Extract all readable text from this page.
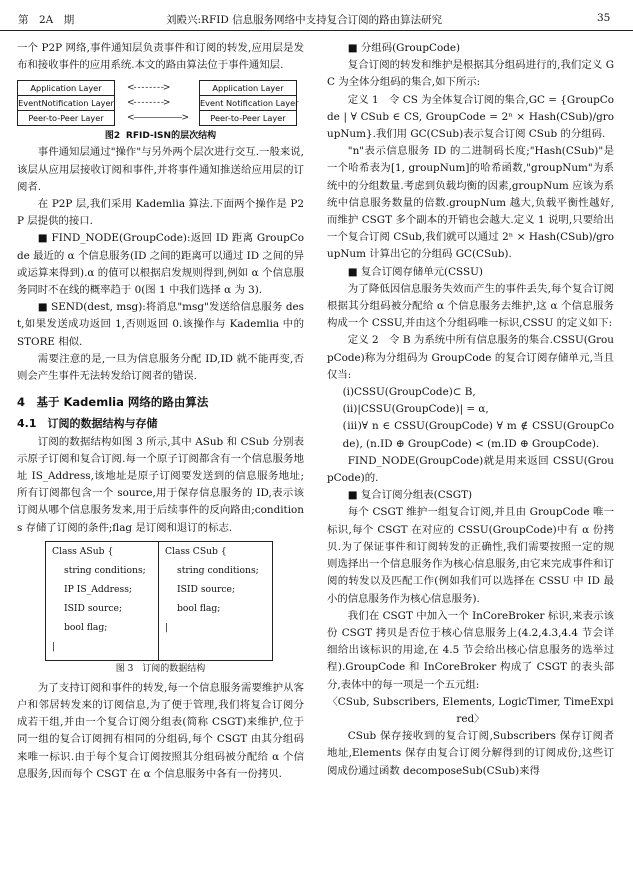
第　2A　期	刘殿兴:RFID 信息服务网络中支持复合订阅的路由算法研究	35

一个 P2P 网络,事件通知层负责事件和订阅的转发,应用层是发布和接收事件的应用系统.本文的路由算法位于事件通知层.

Application Layer
EventNotification Layer
Peer-to-Peer Layer
<- - - - - - - ->
<- - - - - - - ->
<——————>
Application Layer
Event Notification Layer
Peer-to-Peer Layer
图2 RFID-ISN的层次结构

事件通知层通过"操作"与另外两个层次进行交互.一般来说,该层从应用层接收订阅和事件,并将事件通知推送给应用层的订阅者.

在 P2P 层,我们采用 Kademlia 算法.下面两个操作是 P2P 层提供的接口.

■ FIND_NODE(GroupCode):返回 ID 距离 GroupCode 最近的 α 个信息服务(ID 之间的距离可以通过 ID 之间的异或运算来得到).α 的值可以根据启发规则得到,例如 α 个信息服务同时不在线的概率趋于 0(图 1 中我们选择 α 为 3).

■ SEND(dest, msg):将消息"msg"发送给信息服务 dest,如果发送成功返回 1,否则返回 0.该操作与 Kademlia 中的 STORE 相似.

需要注意的是,一旦为信息服务分配 ID,ID 就不能再变,否则会产生事件无法转发给订阅者的错误.

4　基于 Kademlia 网络的路由算法
4.1　订阅的数据结构与存储

订阅的数据结构如图 3 所示,其中 ASub 和 CSub 分别表示原子订阅和复合订阅.每一个原子订阅都含有一个信息服务地址 IS_Address,该地址是原子订阅要发送到的信息服务地址;所有订阅都包含一个 source,用于保存信息服务的 ID,表示该订阅从哪个信息服务发来,用于后续事件的反向路由;conditions 存储了订阅的条件;flag 是订阅和退订的标志.

Class ASub {
string conditions;
IP IS_Address;
ISID source;
bool flag;
|
Class CSub {
string conditions;
ISID source;
bool flag;
|
图 3　订阅的数据结构

为了支持订阅和事件的转发,每一个信息服务需要维护从客户和邻居转发来的订阅信息,为了便于管理,我们将复合订阅分成若干组,并由一个复合订阅分组表(简称 CSGT)来维护,位于同一组的复合订阅拥有相同的分组码,每个 CSGT 由其分组码来唯一标识.由于每个复合订阅按照其分组码被分配给 α 个信息服务,因而每个 CSGT 在 α 个信息服务中各有一份拷贝.

■ 分组码(GroupCode)

复合订阅的转发和维护是根据其分组码进行的,我们定义 GC 为全体分组码的集合,如下所示:

定义 1　令 CS 为全体复合订阅的集合,GC = {GroupCode | ∀ CSub ∈ CS, GroupCode = 2ⁿ × Hash(CSub)/groupNum}.我们用 GC(CSub)表示复合订阅 CSub 的分组码.

"n"表示信息服务 ID 的二进制码长度;"Hash(CSub)"是一个哈希表为[1, groupNum]的哈希函数,"groupNum"为系统中的分组数量.考虑到负载均衡的因素,groupNum 应该为系统中信息服务数量的倍数.groupNum 越大,负载平衡性越好,而维护 CSGT 多个副本的开销也会越大.定义 1 说明,只要给出一个复合订阅 CSub,我们就可以通过 2ⁿ × Hash(CSub)/groupNum 计算出它的分组码 GC(CSub).

■ 复合订阅存储单元(CSSU)

为了降低因信息服务失效而产生的事件丢失,每个复合订阅根据其分组码被分配给 α 个信息服务去维护,这 α 个信息服务构成一个 CSSU,并由这个分组码唯一标识,CSSU 的定义如下:

定义 2　令 B 为系统中所有信息服务的集合.CSSU(GroupCode)称为分组码为 GroupCode 的复合订阅存储单元,当且仅当:

(ⅰ)CSSU(GroupCode)⊂ B,

(ⅱ)|CSSU(GroupCode)| = α,

(ⅲ)∀ n ∈ CSSU(GroupCode) ∀ m ∉ CSSU(GroupCode), (n.ID ⊕ GroupCode) < (m.ID ⊕ GroupCode).

FIND_NODE(GroupCode)就是用来返回 CSSU(GroupCode)的.

■ 复合订阅分组表(CSGT)

每个 CSGT 维护一组复合订阅,并且由 GroupCode 唯一标识,每个 CSGT 在对应的 CSSU(GroupCode)中有 α 份拷贝.为了保证事件和订阅转发的正确性,我们需要按照一定的规则选择出一个信息服务作为核心信息服务,由它来完成事件和订阅的转发以及匹配工作(例如我们可以选择在 CSSU 中 ID 最小的信息服务作为核心信息服务).

我们在 CSGT 中加入一个 InCoreBroker 标识,来表示该份 CSGT 拷贝是否位于核心信息服务上(4.2,4.3,4.4 节会详细给出该标识的用途,在 4.5 节会给出核心信息服务的选举过程).GroupCode 和 InCoreBroker 构成了 CSGT 的表头部分,表体中的每一项是一个五元组:

〈CSub, Subscribers, Elements, LogicTimer, TimeExpired〉

CSub 保存接收到的复合订阅,Subscribers 保存订阅者地址,Elements 保存由复合订阅分解得到的订阅成份,这些订阅成份通过函数 decomposeSub(CSub)来得
